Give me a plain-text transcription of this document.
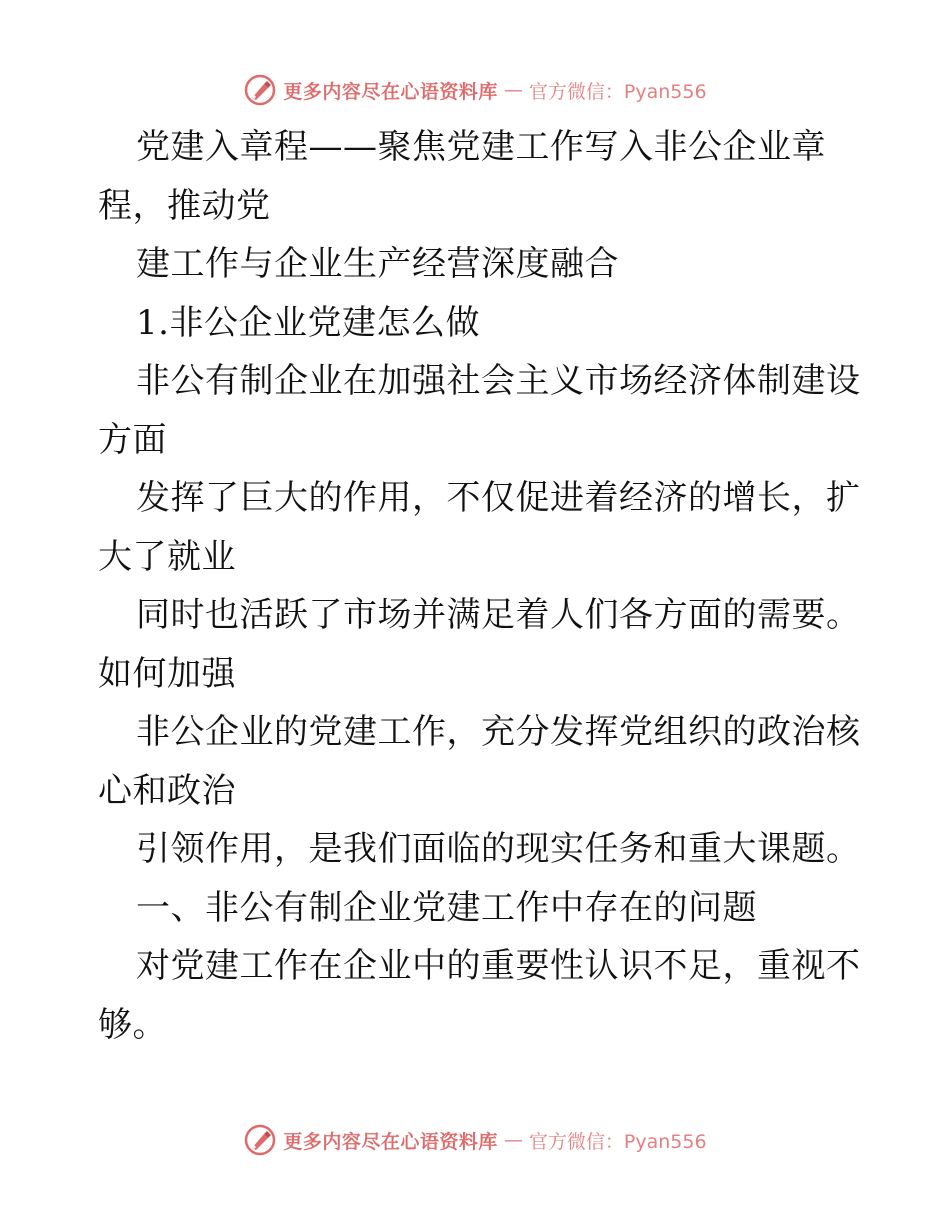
更多内容尽在心语资料库 — 官方微信：Pyan556
党建入章程——聚焦党建工作写入非公企业章
程，推动党
建工作与企业生产经营深度融合
1.非公企业党建怎么做
非公有制企业在加强社会主义市场经济体制建设
方面
发挥了巨大的作用，不仅促进着经济的增长，扩
大了就业
同时也活跃了市场并满足着人们各方面的需要。
如何加强
非公企业的党建工作，充分发挥党组织的政治核
心和政治
引领作用，是我们面临的现实任务和重大课题。
一、非公有制企业党建工作中存在的问题
对党建工作在企业中的重要性认识不足，重视不
够。
更多内容尽在心语资料库 — 官方微信：Pyan556
